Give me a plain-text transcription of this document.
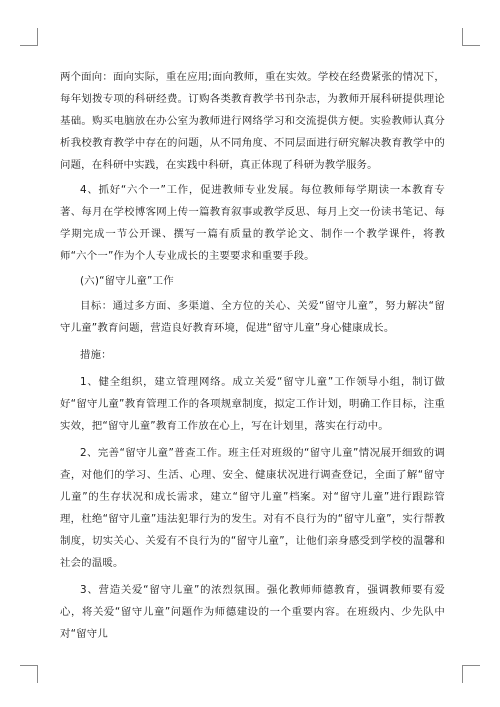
两个面向：面向实际，重在应用;面向教师，重在实效。学校在经费紧张的情况下，每年划拨专项的科研经费。订购各类教育教学书刊杂志，为教师开展科研提供理论基础。购买电脑放在办公室为教师进行网络学习和交流提供方便。实验教师认真分析我校教育教学中存在的问题，从不同角度、不同层面进行研究解决教育教学中的问题，在科研中实践，在实践中科研，真正体现了科研为教学服务。

4、抓好“六个一”工作，促进教师专业发展。每位教师每学期读一本教育专著、每月在学校博客网上传一篇教育叙事或教学反思、每月上交一份读书笔记、每学期完成一节公开课、撰写一篇有质量的教学论文、制作一个教学课件，将教师“六个一”作为个人专业成长的主要要求和重要手段。

(六)“留守儿童”工作

目标：通过多方面、多渠道、全方位的关心、关爱“留守儿童”，努力解决“留守儿童”教育问题，营造良好教育环境，促进“留守儿童”身心健康成长。

措施：

1、健全组织，建立管理网络。成立关爱“留守儿童”工作领导小组，制订做好“留守儿童”教育管理工作的各项规章制度，拟定工作计划，明确工作目标，注重实效，把“留守儿童”教育工作放在心上，写在计划里，落实在行动中。

2、完善“留守儿童”普查工作。班主任对班级的“留守儿童”情况展开细致的调查，对他们的学习、生活、心理、安全、健康状况进行调查登记，全面了解“留守儿童”的生存状况和成长需求，建立“留守儿童”档案。对“留守儿童”进行跟踪管理，杜绝“留守儿童”违法犯罪行为的发生。对有不良行为的“留守儿童”，实行帮教制度，切实关心、关爱有不良行为的“留守儿童”，让他们亲身感受到学校的温馨和社会的温暖。

3、营造关爱“留守儿童”的浓烈氛围。强化教师师德教育，强调教师要有爱心，将关爱“留守儿童”问题作为师德建设的一个重要内容。在班级内、少先队中对“留守儿
